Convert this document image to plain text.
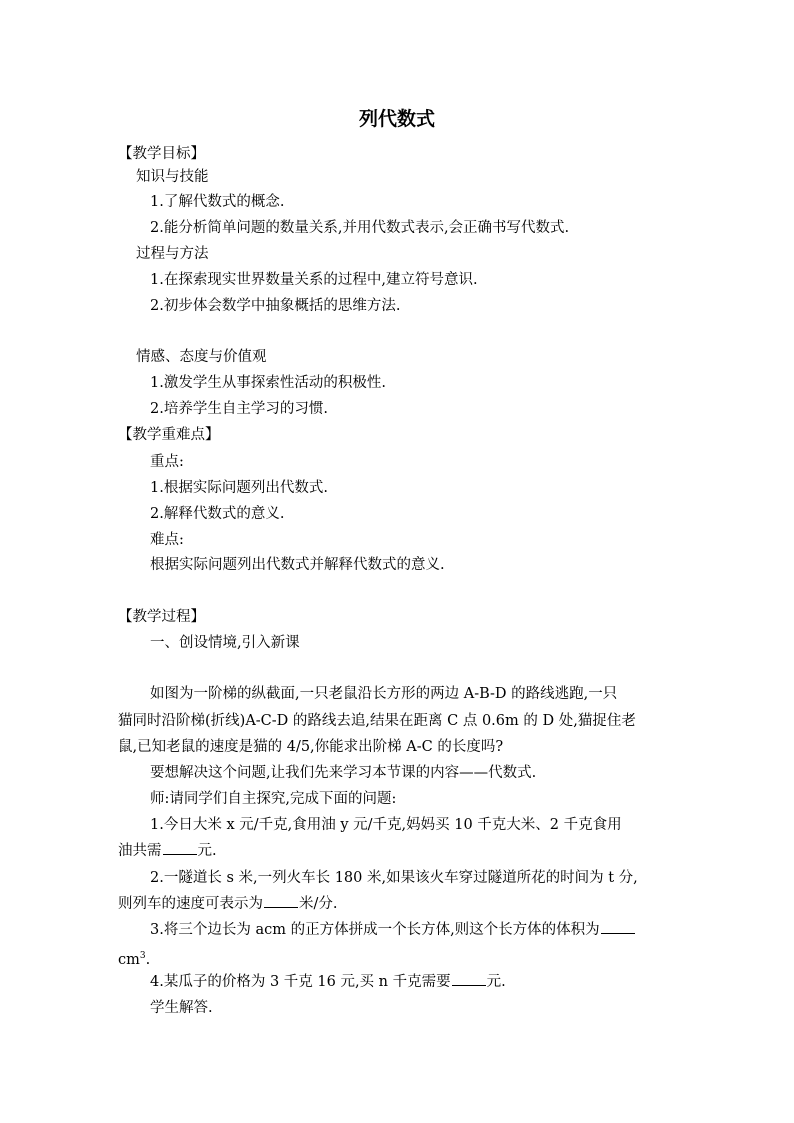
列代数式
【教学目标】
知识与技能
1.了解代数式的概念.
2.能分析简单问题的数量关系,并用代数式表示,会正确书写代数式.
过程与方法
1.在探索现实世界数量关系的过程中,建立符号意识.
2.初步体会数学中抽象概括的思维方法.
情感、态度与价值观
1.激发学生从事探索性活动的积极性.
2.培养学生自主学习的习惯.
【教学重难点】
重点:
1.根据实际问题列出代数式.
2.解释代数式的意义.
难点:
根据实际问题列出代数式并解释代数式的意义.
【教学过程】
一、创设情境,引入新课
如图为一阶梯的纵截面,一只老鼠沿长方形的两边 A-B-D 的路线逃跑,一只
猫同时沿阶梯(折线)A-C-D 的路线去追,结果在距离 C 点 0.6m 的 D 处,猫捉住老
鼠,已知老鼠的速度是猫的 4/5,你能求出阶梯 A-C 的长度吗?
要想解决这个问题,让我们先来学习本节课的内容——代数式.
师:请同学们自主探究,完成下面的问题:
1.今日大米 x 元/千克,食用油 y 元/千克,妈妈买 10 千克大米、2 千克食用
油共需 元.
2.一隧道长 s 米,一列火车长 180 米,如果该火车穿过隧道所花的时间为 t 分,
则列车的速度可表示为 米/分.
3.将三个边长为 acm 的正方体拼成一个长方体,则这个长方体的体积为
$cm^3$.
4.某瓜子的价格为 3 千克 16 元,买 n 千克需要 元.
学生解答.
